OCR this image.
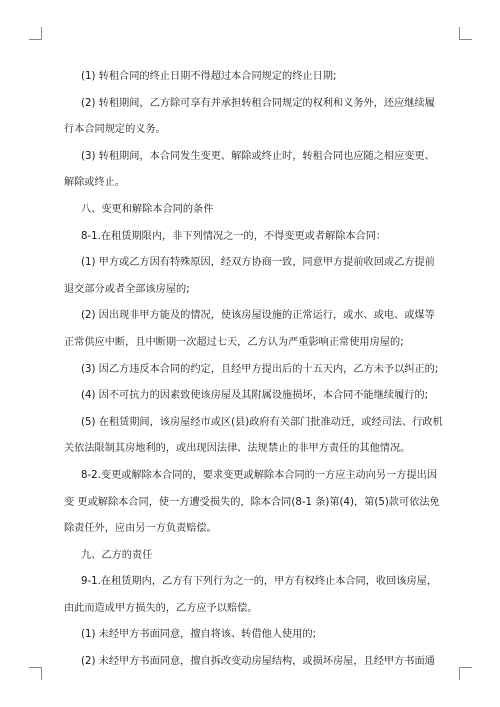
(1) 转租合同的终止日期不得超过本合同规定的终止日期;
(2) 转租期间，乙方除可享有并承担转租合同规定的权利和义务外，还应继续履
行本合同规定的义务。
(3) 转租期间，本合同发生变更、解除或终止时，转租合同也应随之相应变更、
解除或终止。
八、变更和解除本合同的条件
8-1.在租赁期限内，非下列情况之一的，不得变更或者解除本合同：
(1) 甲方或乙方因有特殊原因，经双方协商一致，同意甲方提前收回或乙方提前
退交部分或者全部该房屋的;
(2) 因出现非甲方能及的情况，使该房屋设施的正常运行，或水、或电、或煤等
正常供应中断，且中断期一次超过七天，乙方认为严重影响正常使用房屋的;
(3) 因乙方违反本合同的约定，且经甲方提出后的十五天内，乙方未予以纠正的;
(4) 因不可抗力的因素致使该房屋及其附属设施损坏，本合同不能继续履行的;
(5) 在租赁期间，该房屋经市或区(县)政府有关部门批准动迁，或经司法、行政机
关依法限制其房地利的，或出现因法律、法规禁止的非甲方责任的其他情况。
8-2.变更或解除本合同的，要求变更或解除本合同的一方应主动向另一方提出因
变 更或解除本合同，使一方遭受损失的，除本合同(8-1 条)第(4)，第(5)款可依法免
除责任外，应由另一方负责赔偿。
九、乙方的责任
9-1.在租赁期内，乙方有下列行为之一的，甲方有权终止本合同，收回该房屋，
由此而造成甲方损失的，乙方应予以赔偿。
(1) 未经甲方书面同意，擅自将该、转借他人使用的;
(2) 未经甲方书面同意，擅自拆改变动房屋结构，或损坏房屋，且经甲方书面通
